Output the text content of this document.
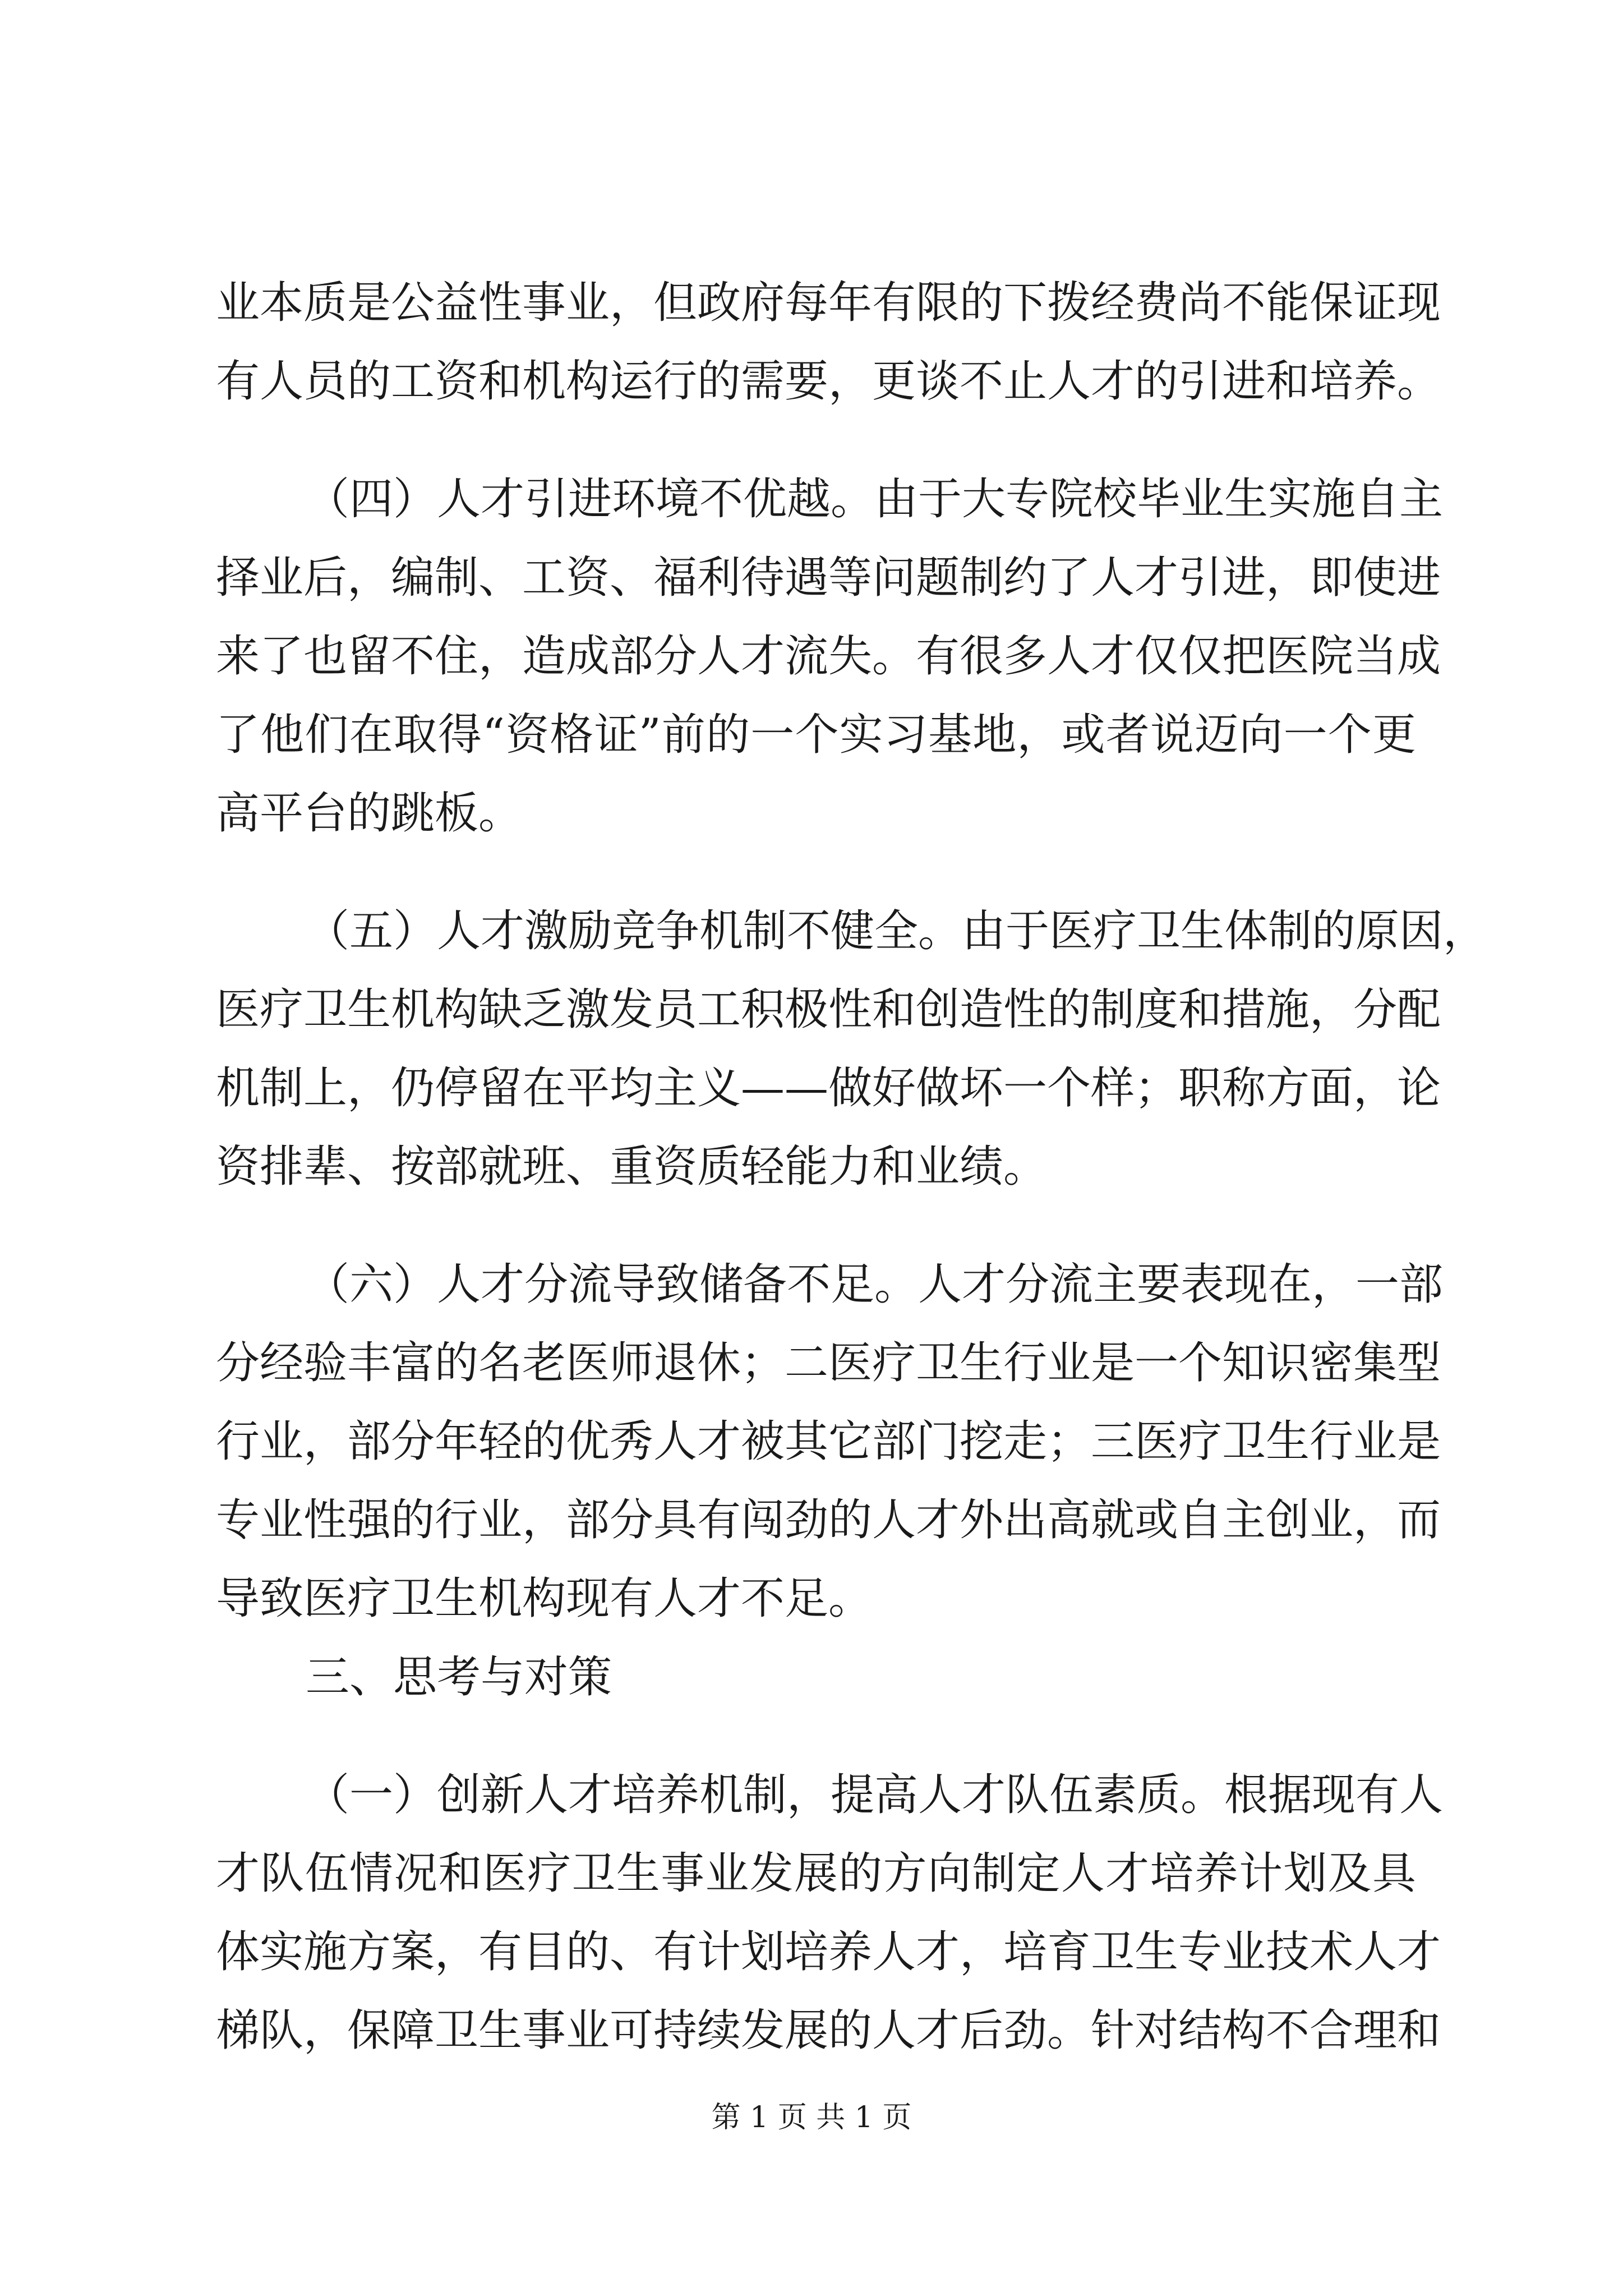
业本质是公益性事业，但政府每年有限的下拨经费尚不能保证现
有人员的工资和机构运行的需要，更谈不止人才的引进和培养。
（四）人才引进环境不优越。由于大专院校毕业生实施自主
择业后，编制、工资、福利待遇等问题制约了人才引进，即使进
来了也留不住，造成部分人才流失。有很多人才仅仅把医院当成
了他们在取得“资格证”前的一个实习基地，或者说迈向一个更
高平台的跳板。
（五）人才激励竞争机制不健全。由于医疗卫生体制的原因，
医疗卫生机构缺乏激发员工积极性和创造性的制度和措施，分配
机制上，仍停留在平均主义——做好做坏一个样；职称方面，论
资排辈、按部就班、重资质轻能力和业绩。
（六）人才分流导致储备不足。人才分流主要表现在，一部
分经验丰富的名老医师退休；二医疗卫生行业是一个知识密集型
行业，部分年轻的优秀人才被其它部门挖走；三医疗卫生行业是
专业性强的行业，部分具有闯劲的人才外出高就或自主创业，而
导致医疗卫生机构现有人才不足。
三、思考与对策
（一）创新人才培养机制，提高人才队伍素质。根据现有人
才队伍情况和医疗卫生事业发展的方向制定人才培养计划及具
体实施方案，有目的、有计划培养人才，培育卫生专业技术人才
梯队，保障卫生事业可持续发展的人才后劲。针对结构不合理和
第 1 页 共 1 页
